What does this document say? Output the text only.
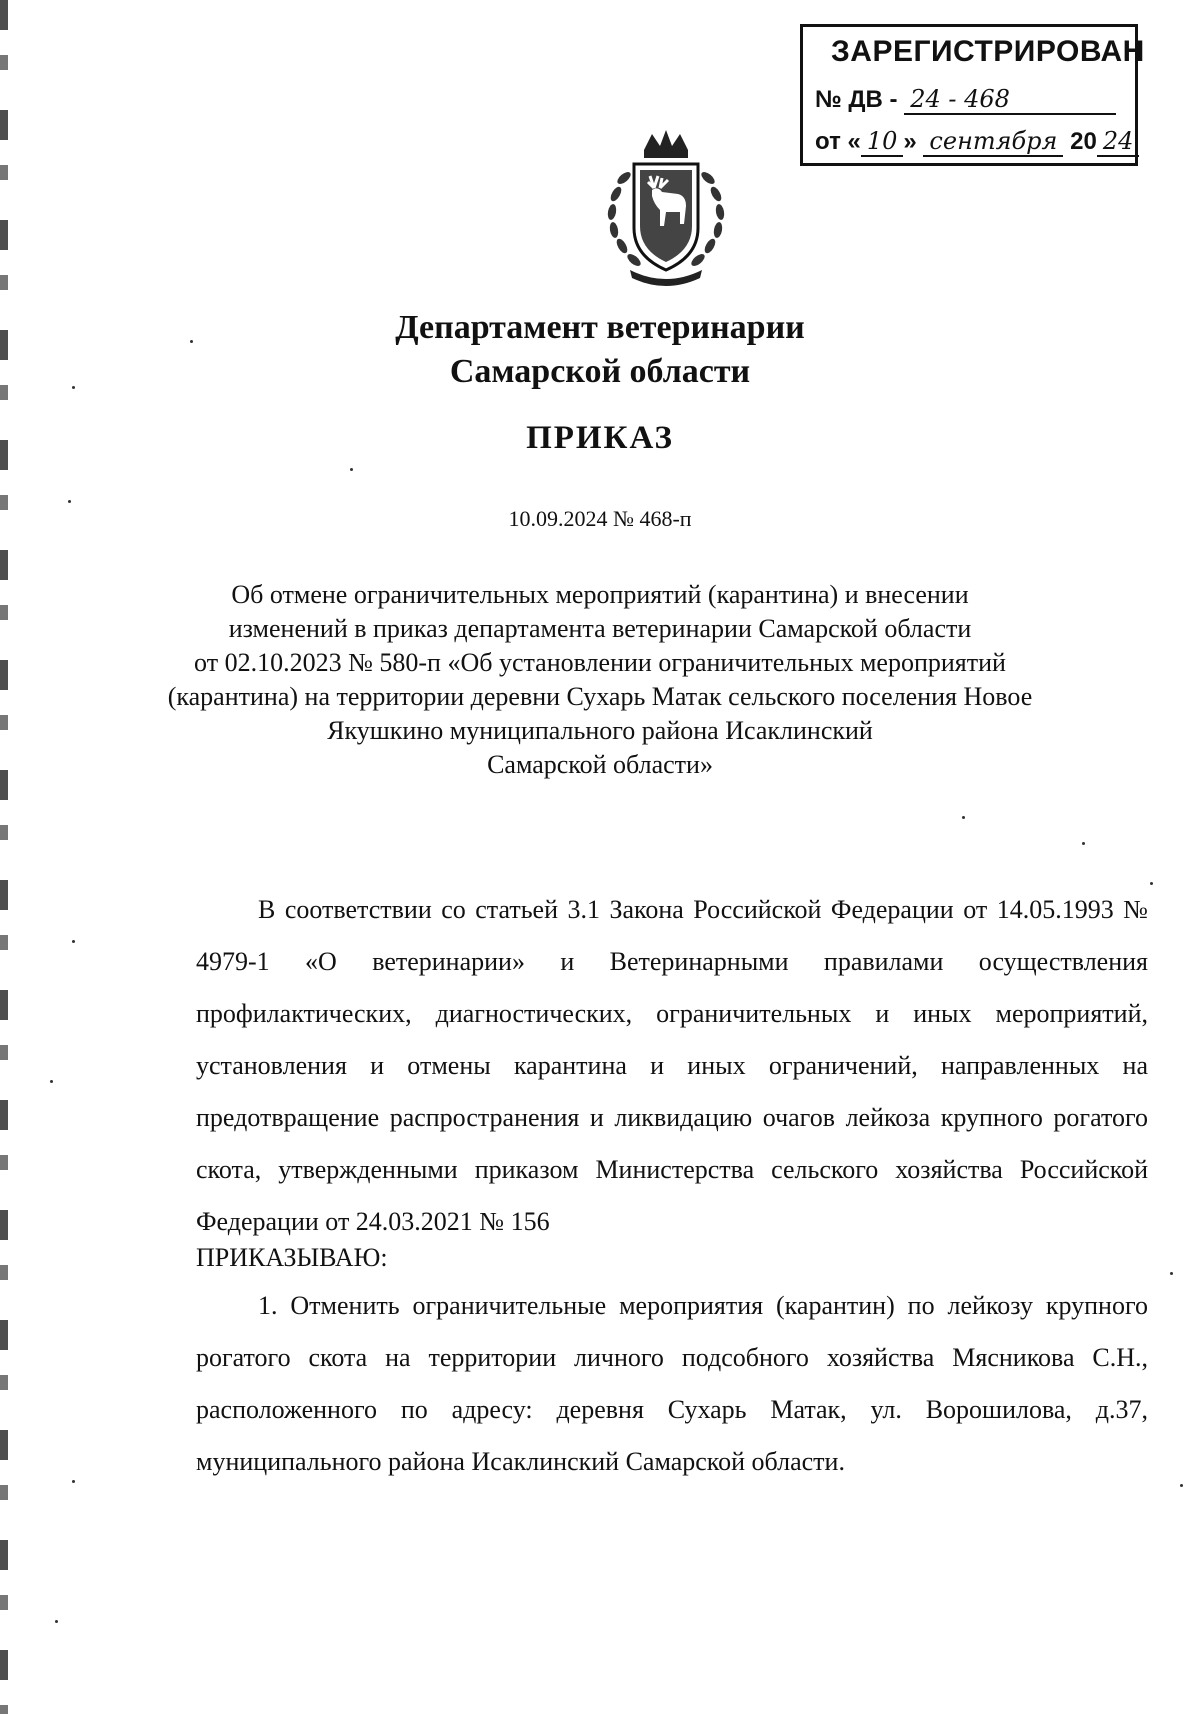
ЗАРЕГИСТРИРОВАН
№ ДВ - 24 - 468
от « 10 » сентября 20 24
Департамент ветеринарии
Самарской области
ПРИКАЗ
10.09.2024 № 468-п
Об отмене ограничительных мероприятий (карантина) и внесении
изменений в приказ департамента ветеринарии Самарской области
от 02.10.2023 № 580-п «Об установлении ограничительных мероприятий
(карантина) на территории деревни Сухарь Матак сельского поселения Новое
Якушкино муниципального района Исаклинский
Самарской области»
В соответствии со статьей 3.1 Закона Российской Федерации от 14.05.1993 № 4979-1 «О ветеринарии» и Ветеринарными правилами осуществления профилактических, диагностических, ограничительных и иных мероприятий, установления и отмены карантина и иных ограничений, направленных на предотвращение распространения и ликвидацию очагов лейкоза крупного рогатого скота, утвержденными приказом Министерства сельского хозяйства Российской Федерации от 24.03.2021 № 156
ПРИКАЗЫВАЮ:
1. Отменить ограничительные мероприятия (карантин) по лейкозу крупного рогатого скота на территории личного подсобного хозяйства Мясникова С.Н., расположенного по адресу: деревня Сухарь Матак, ул. Ворошилова, д.37, муниципального района Исаклинский Самарской области.
